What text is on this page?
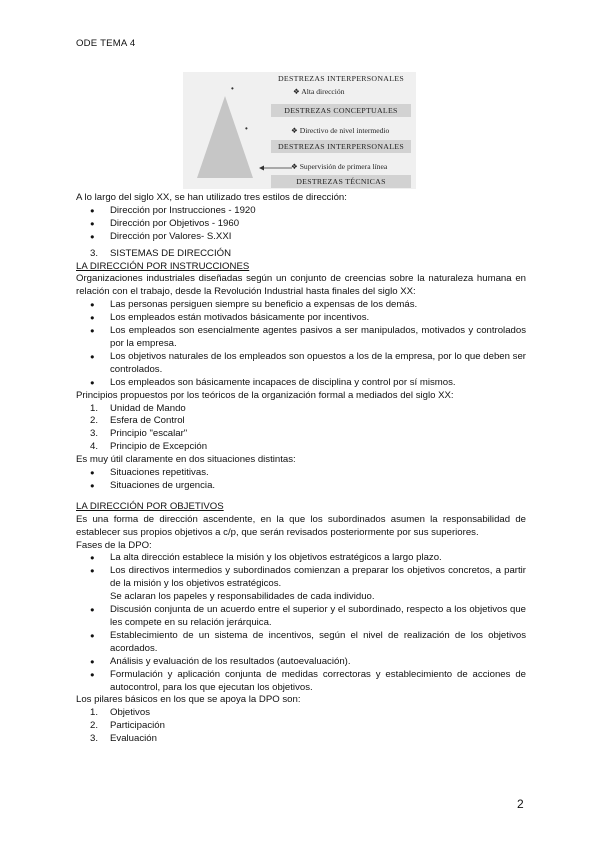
ODE TEMA 4
•
•
DESTREZAS INTERPERSONALES
❖ Alta dirección
DESTREZAS CONCEPTUALES
❖ Directivo de nivel intermedio
DESTREZAS INTERPERSONALES
❖ Supervisión de primera línea
DESTREZAS TÉCNICAS

A lo largo del siglo XX, se han utilizado tres estilos de dirección:

● Dirección por Instrucciones - 1920
● Dirección por Objetivos - 1960
● Dirección por Valores- S.XXI
3. SISTEMAS DE DIRECCIÓN

LA DIRECCIÓN POR INSTRUCCIONES

Organizaciones industriales diseñadas según un conjunto de creencias sobre la naturaleza humana en relación con el trabajo, desde la Revolución Industrial hasta finales del siglo XX:

● Las personas persiguen siempre su beneficio a expensas de los demás.
● Los empleados están motivados básicamente por incentivos.
● Los empleados son esencialmente agentes pasivos a ser manipulados, motivados y controlados por la empresa.
● Los objetivos naturales de los empleados son opuestos a los de la empresa, por lo que deben ser controlados.
● Los empleados son básicamente incapaces de disciplina y control por sí mismos.

Principios propuestos por los teóricos de la organización formal a mediados del siglo XX:

1. Unidad de Mando
2. Esfera de Control
3. Principio "escalar"
4. Principio de Excepción

Es muy útil claramente en dos situaciones distintas:

● Situaciones repetitivas.
● Situaciones de urgencia.

LA DIRECCIÓN POR OBJETIVOS

Es una forma de dirección ascendente, en la que los subordinados asumen la responsabilidad de establecer sus propios objetivos a c/p, que serán revisados posteriormente por sus superiores.

Fases de la DPO:

● La alta dirección establece la misión y los objetivos estratégicos a largo plazo.
● Los directivos intermedios y subordinados comienzan a preparar los objetivos concretos, a partir de la misión y los objetivos estratégicos.
Se aclaran los papeles y responsabilidades de cada individuo.
● Discusión conjunta de un acuerdo entre el superior y el subordinado, respecto a los objetivos que les compete en su relación jerárquica.
● Establecimiento de un sistema de incentivos, según el nivel de realización de los objetivos acordados.
● Análisis y evaluación de los resultados (autoevaluación).
● Formulación y aplicación conjunta de medidas correctoras y establecimiento de acciones de autocontrol, para los que ejecutan los objetivos.

Los pilares básicos en los que se apoya la DPO son:

1. Objetivos
2. Participación
3. Evaluación
2
